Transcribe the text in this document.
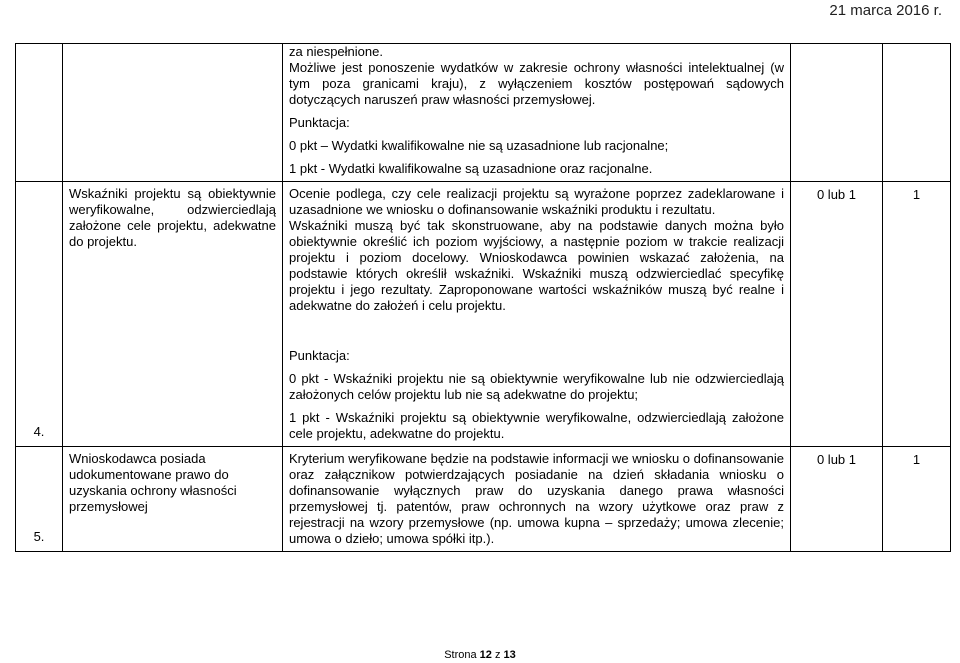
21 marca 2016 r.

		za niespełnione.
Możliwe jest ponoszenie wydatków w zakresie ochrony własności intelektualnej (w tym poza granicami kraju), z wyłączeniem kosztów postępowań sądowych dotyczących naruszeń praw własności przemysłowej.
Punktacja:
0 pkt – Wydatki kwalifikowalne nie są uzasadnione lub racjonalne;
1 pkt - Wydatki kwalifikowalne są uzasadnione oraz racjonalne.		

4.	Wskaźniki projektu są obiektywnie weryfikowalne, odzwierciedlają założone cele projektu, adekwatne do projektu.	Ocenie podlega, czy cele realizacji projektu są wyrażone poprzez zadeklarowane i uzasadnione we wniosku o dofinansowanie wskaźniki produktu i rezultatu.
Wskaźniki muszą być tak skonstruowane, aby na podstawie danych można było obiektywnie określić ich poziom wyjściowy, a następnie poziom w trakcie realizacji projektu i poziom docelowy. Wnioskodawca powinien wskazać założenia, na podstawie których określił wskaźniki. Wskaźniki muszą odzwierciedlać specyfikę projektu i jego rezultaty. Zaproponowane wartości wskaźników muszą być realne i adekwatne do założeń i celu projektu.
Punktacja:
0 pkt - Wskaźniki projektu nie są obiektywnie weryfikowalne lub nie odzwierciedlają założonych celów projektu lub nie są adekwatne do projektu;
1 pkt - Wskaźniki projektu są obiektywnie weryfikowalne, odzwierciedlają założone cele projektu, adekwatne do projektu.	0 lub 1	1

5.	Wnioskodawca posiada udokumentowane prawo do uzyskania ochrony własności przemysłowej	Kryterium weryfikowane będzie na podstawie informacji we wniosku o dofinansowanie oraz załącznikow potwierdzających posiadanie na dzień składania wniosku o dofinansowanie wyłącznych praw do uzyskania danego prawa własności przemysłowej tj. patentów, praw ochronnych na wzory użytkowe oraz praw z rejestracji na wzory przemysłowe (np. umowa kupna – sprzedaży; umowa zlecenie; umowa o dzieło; umowa spółki itp.).	0 lub 1	1
Strona 12 z 13
